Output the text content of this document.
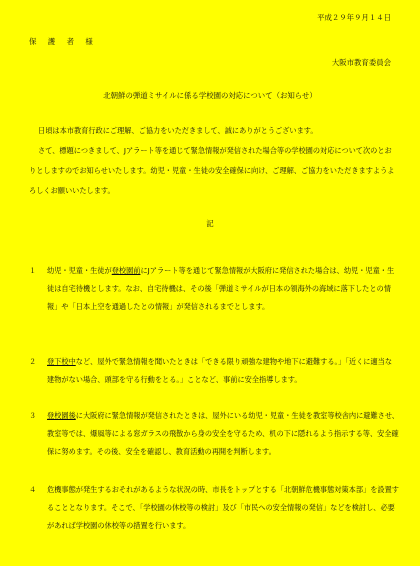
平成２９年９月１４日
保　護　者　様
大阪市教育委員会
北朝鮮の弾道ミサイルに係る学校園の対応について（お知らせ）
日頃は本市教育行政にご理解、ご協力をいただきまして、誠にありがとうございます。
さて、標題につきまして、Jアラート等を通じて緊急情報が発信された場合等の学校園の対応について次のとおりとしますのでお知らせいたします。幼児・児童・生徒の安全確保に向け、ご理解、ご協力をいただきますようよろしくお願いいたします。
記
１	幼児・児童・生徒が登校園前にJアラート等を通じて緊急情報が大阪府に発信された場合は、幼児・児童・生徒は自宅待機とします。なお、自宅待機は、その後「弾道ミサイルが日本の領海外の海域に落下したとの情報」や「日本上空を通過したとの情報」が発信されるまでとします。
２	登下校中など、屋外で緊急情報を聞いたときは「できる限り頑強な建物や地下に避難する。」「近くに適当な建物がない場合、頭部を守る行動をとる。」ことなど、事前に安全指導します。
３	登校園後に大阪府に緊急情報が発信されたときは、屋外にいる幼児・児童・生徒を教室等校舎内に避難させ、教室等では、爆風等による窓ガラスの飛散から身の安全を守るため、机の下に隠れるよう指示する等、安全確保に努めます。その後、安全を確認し、教育活動の再開を判断します。
４	危機事態が発生するおそれがあるような状況の時、市長をトップとする「北朝鮮危機事態対策本部」を設置することとなります。そこで、「学校園の休校等の検討」及び「市民への安全情報の発信」などを検討し、必要があれば学校園の休校等の措置を行います。
